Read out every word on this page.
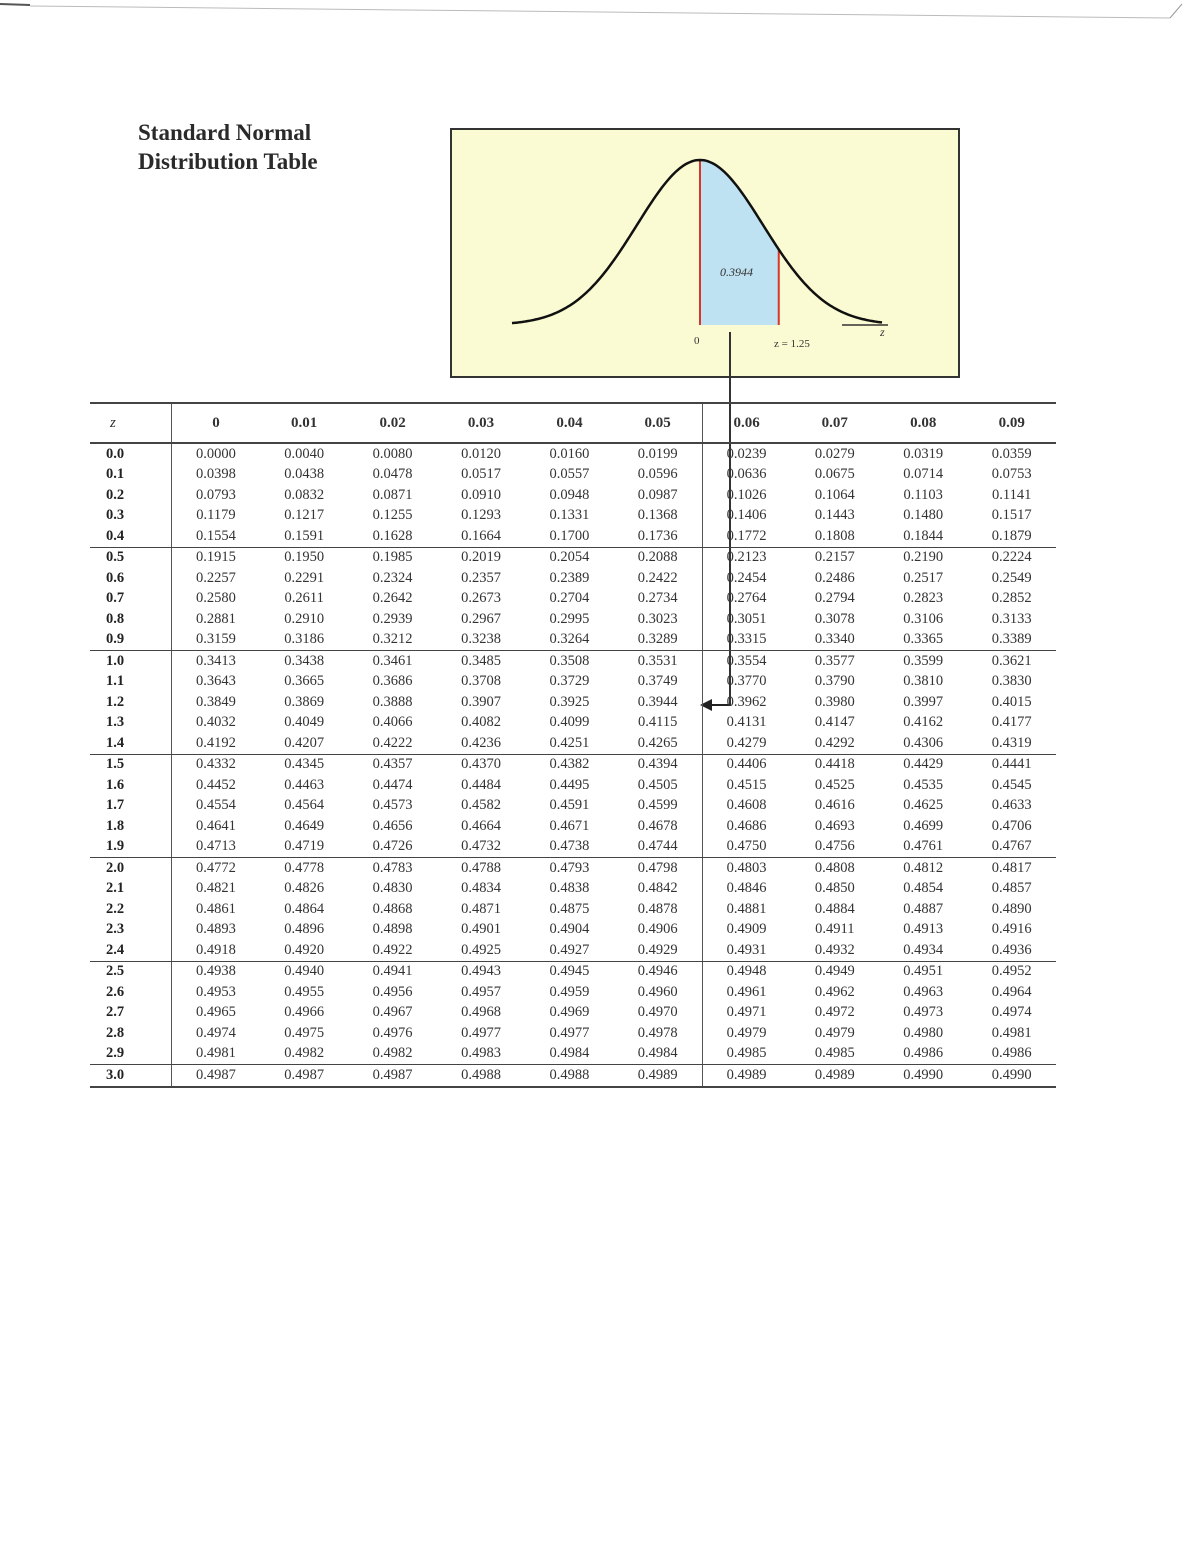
Standard Normal
Distribution Table
0.3944
0	z = 1.25
z
z	0	0.01	0.02	0.03	0.04	0.05	0.06	0.07	0.08	0.09
0.0	0.0000	0.0040	0.0080	0.0120	0.0160	0.0199	0.0239	0.0279	0.0319	0.0359
0.1	0.0398	0.0438	0.0478	0.0517	0.0557	0.0596	0.0636	0.0675	0.0714	0.0753
0.2	0.0793	0.0832	0.0871	0.0910	0.0948	0.0987	0.1026	0.1064	0.1103	0.1141
0.3	0.1179	0.1217	0.1255	0.1293	0.1331	0.1368	0.1406	0.1443	0.1480	0.1517
0.4	0.1554	0.1591	0.1628	0.1664	0.1700	0.1736	0.1772	0.1808	0.1844	0.1879
0.5	0.1915	0.1950	0.1985	0.2019	0.2054	0.2088	0.2123	0.2157	0.2190	0.2224
0.6	0.2257	0.2291	0.2324	0.2357	0.2389	0.2422	0.2454	0.2486	0.2517	0.2549
0.7	0.2580	0.2611	0.2642	0.2673	0.2704	0.2734	0.2764	0.2794	0.2823	0.2852
0.8	0.2881	0.2910	0.2939	0.2967	0.2995	0.3023	0.3051	0.3078	0.3106	0.3133
0.9	0.3159	0.3186	0.3212	0.3238	0.3264	0.3289	0.3315	0.3340	0.3365	0.3389
1.0	0.3413	0.3438	0.3461	0.3485	0.3508	0.3531	0.3554	0.3577	0.3599	0.3621
1.1	0.3643	0.3665	0.3686	0.3708	0.3729	0.3749	0.3770	0.3790	0.3810	0.3830
1.2	0.3849	0.3869	0.3888	0.3907	0.3925	0.3944	0.3962	0.3980	0.3997	0.4015
1.3	0.4032	0.4049	0.4066	0.4082	0.4099	0.4115	0.4131	0.4147	0.4162	0.4177
1.4	0.4192	0.4207	0.4222	0.4236	0.4251	0.4265	0.4279	0.4292	0.4306	0.4319
1.5	0.4332	0.4345	0.4357	0.4370	0.4382	0.4394	0.4406	0.4418	0.4429	0.4441
1.6	0.4452	0.4463	0.4474	0.4484	0.4495	0.4505	0.4515	0.4525	0.4535	0.4545
1.7	0.4554	0.4564	0.4573	0.4582	0.4591	0.4599	0.4608	0.4616	0.4625	0.4633
1.8	0.4641	0.4649	0.4656	0.4664	0.4671	0.4678	0.4686	0.4693	0.4699	0.4706
1.9	0.4713	0.4719	0.4726	0.4732	0.4738	0.4744	0.4750	0.4756	0.4761	0.4767
2.0	0.4772	0.4778	0.4783	0.4788	0.4793	0.4798	0.4803	0.4808	0.4812	0.4817
2.1	0.4821	0.4826	0.4830	0.4834	0.4838	0.4842	0.4846	0.4850	0.4854	0.4857
2.2	0.4861	0.4864	0.4868	0.4871	0.4875	0.4878	0.4881	0.4884	0.4887	0.4890
2.3	0.4893	0.4896	0.4898	0.4901	0.4904	0.4906	0.4909	0.4911	0.4913	0.4916
2.4	0.4918	0.4920	0.4922	0.4925	0.4927	0.4929	0.4931	0.4932	0.4934	0.4936
2.5	0.4938	0.4940	0.4941	0.4943	0.4945	0.4946	0.4948	0.4949	0.4951	0.4952
2.6	0.4953	0.4955	0.4956	0.4957	0.4959	0.4960	0.4961	0.4962	0.4963	0.4964
2.7	0.4965	0.4966	0.4967	0.4968	0.4969	0.4970	0.4971	0.4972	0.4973	0.4974
2.8	0.4974	0.4975	0.4976	0.4977	0.4977	0.4978	0.4979	0.4979	0.4980	0.4981
2.9	0.4981	0.4982	0.4982	0.4983	0.4984	0.4984	0.4985	0.4985	0.4986	0.4986
3.0	0.4987	0.4987	0.4987	0.4988	0.4988	0.4989	0.4989	0.4989	0.4990	0.4990
